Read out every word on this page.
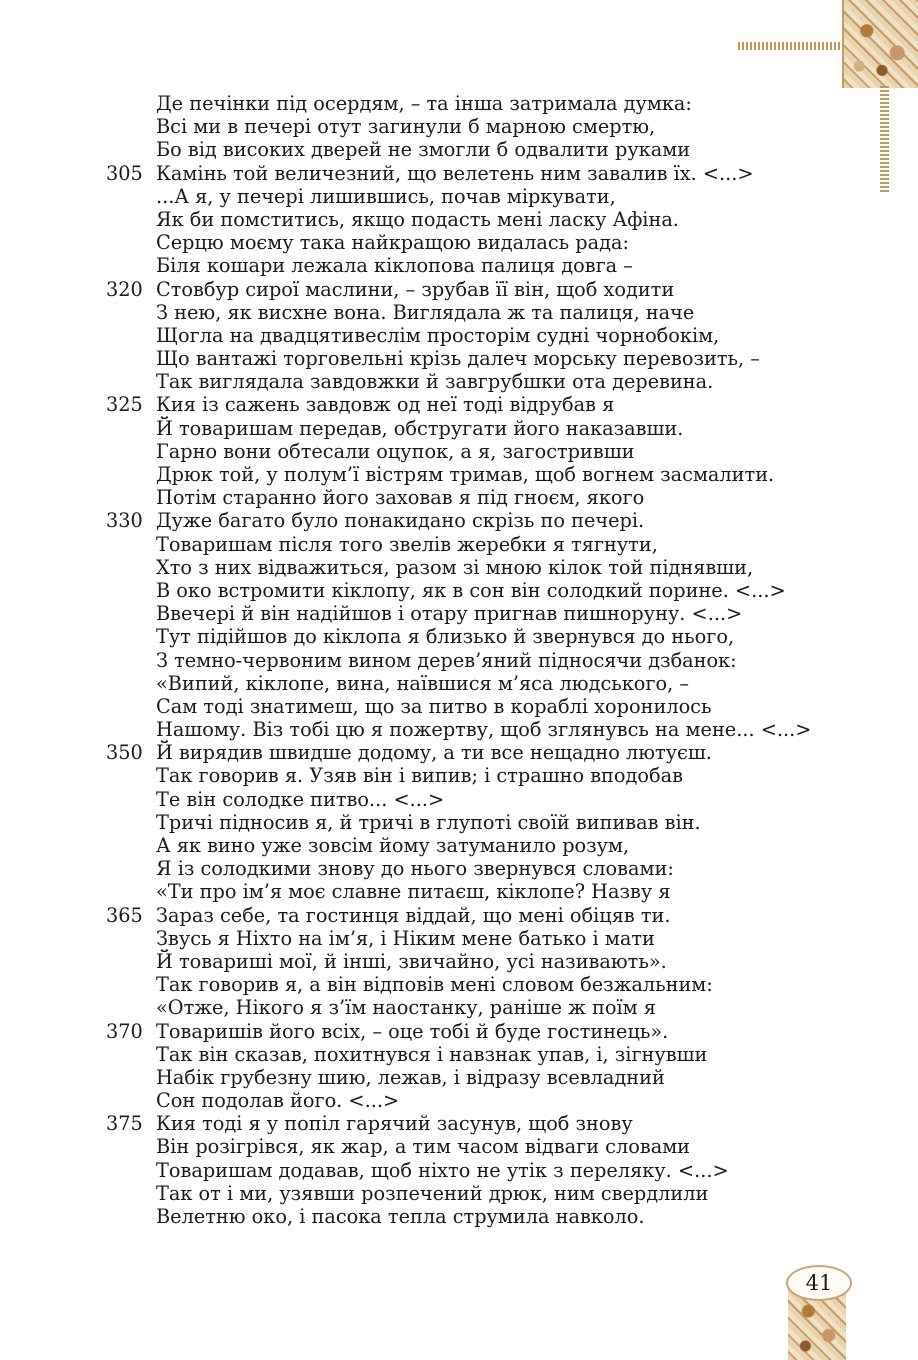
Де печінки під осердям, – та інша затримала думка:
Всі ми в печері отут загинули б марною смертю,
Бо від високих дверей не змогли б одвалити руками
305 Камінь той величезний, що велетень ним завалив їх. <...>
...А я, у печері лишившись, почав міркувати,
Як би помститись, якщо подасть мені ласку Афіна.
Серцю моєму така найкращою видалась рада:
Біля кошари лежала кіклопова палиця довга –
320 Стовбур сирої маслини, – зрубав її він, щоб ходити
З нею, як висхне вона. Виглядала ж та палиця, наче
Щогла на двадцятивеслім просторім судні чорнобокім,
Що вантажі торговельні крізь далеч морську перевозить, –
Так виглядала завдовжки й завгрубшки ота деревина.
325 Кия із сажень завдовж од неї тоді відрубав я
Й товаришам передав, обстругати його наказавши.
Гарно вони обтесали оцупок, а я, загостривши
Дрюк той, у полум’ї вістрям тримав, щоб вогнем засмалити.
Потім старанно його заховав я під гноєм, якого
330 Дуже багато було понакидано скрізь по печері.
Товаришам після того звелів жеребки я тягнути,
Хто з них відважиться, разом зі мною кілок той піднявши,
В око встромити кіклопу, як в сон він солодкий порине. <...>
Ввечері й він надійшов і отару пригнав пишноруну. <...>
Тут підійшов до кіклопа я близько й звернувся до нього,
З темно-червоним вином дерев’яний підносячи дзбанок:
«Випий, кіклопе, вина, наївшися м’яса людського, –
Сам тоді знатимеш, що за питво в кораблі хоронилось
Нашому. Віз тобі цю я пожертву, щоб зглянувсь на мене... <...>
350 Й вирядив швидше додому, а ти все нещадно лютуєш.
Так говорив я. Узяв він і випив; і страшно вподобав
Те він солодке питво... <...>
Тричі підносив я, й тричі в глупоті своїй випивав він.
А як вино уже зовсім йому затуманило розум,
Я із солодкими знову до нього звернувся словами:
«Ти про ім’я моє славне питаєш, кіклопе? Назву я
365 Зараз себе, та гостинця віддай, що мені обіцяв ти.
Звусь я Ніхто на ім’я, і Ніким мене батько і мати
Й товариші мої, й інші, звичайно, усі називають».
Так говорив я, а він відповів мені словом безжальним:
«Отже, Нікого я з’їм наостанку, раніше ж поїм я
370 Товаришів його всіх, – оце тобі й буде гостинець».
Так він сказав, похитнувся і навзнак упав, і, зігнувши
Набік грубезну шию, лежав, і відразу всевладний
Сон подолав його. <...>
375 Кия тоді я у попіл гарячий засунув, щоб знову
Він розігрівся, як жар, а тим часом відваги словами
Товаришам додавав, щоб ніхто не утік з переляку. <...>
Так от і ми, узявши розпечений дрюк, ним свердлили
Велетню око, і пасока тепла струмила навколо.
41
